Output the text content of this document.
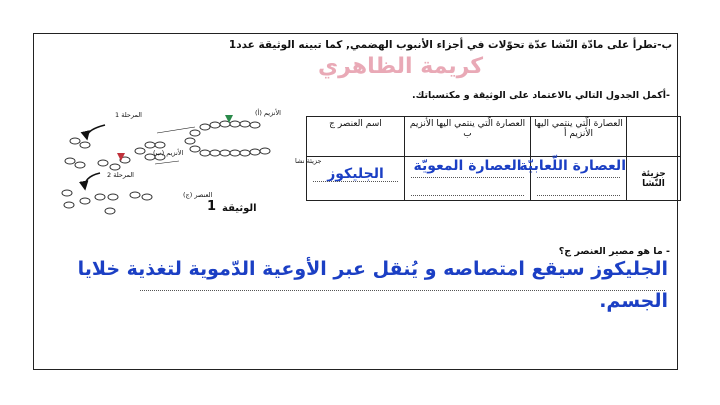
ب-تطرأ على مادّة النّشا عدّة تحوّلات في أجزاء الأنبوب الهضمي, كما تبينه الوثيقة عدد1
كريمة الظاهري
-أكمل الجدول التالي بالاعتماد على الوثيقة و مكتسباتك.
الأنزيم (أ)
المرحلة 1
الأنزيم (ب)
جزيئة نشا
المرحلة 2
العنصر (ج)
الوثيقة
1
	العصارة الّتي ينتمي اليها الأنزيم أ	العصارة الّتي ينتمي اليها الأنزيم ب	اسم العنصر ج
جزيئة النّشا	العصارة اللّعابيّة	العصارة المعويّة	الجليكوز
- ما هو مصير العنصر ج؟
الجليكوز سيقع امتصاصه و يُنقل عبر الأوعية الدّموية لتغذية خلايا
الجسم.
